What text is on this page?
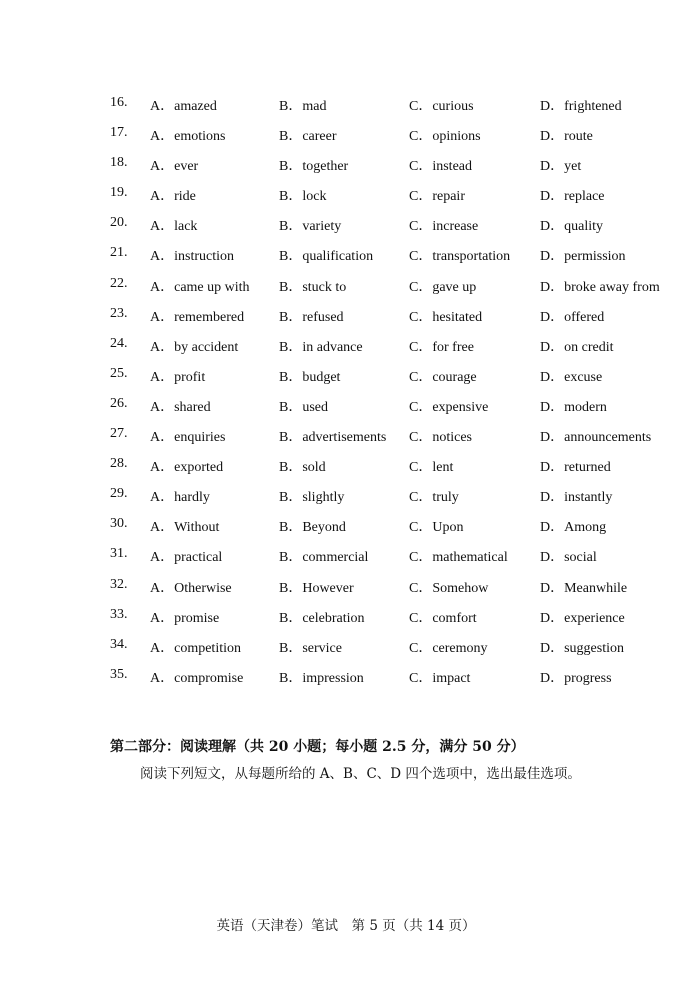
16. A．amazed	B．mad	C．curious	D．frightened
17. A．emotions	B．career	C．opinions	D．route
18. A．ever	B．together	C．instead	D．yet
19. A．ride	B．lock	C．repair	D．replace
20. A．lack	B．variety	C．increase	D．quality
21. A．instruction	B．qualification	C．transportation D．permission
22. A．came up with B．stuck to	C．gave up	D．broke away from
23. A．remembered B．refused	C．hesitated	D．offered
24. A．by accident	B．in advance	C．for free	D．on credit
25. A．profit	B．budget	C．courage	D．excuse
26. A．shared	B．used	C．expensive	D．modern
27. A．enquiries	B．advertisements C．notices	D．announcements
28. A．exported	B．sold	C．lent	D．returned
29. A．hardly	B．slightly	C．truly	D．instantly
30. A．Without	B．Beyond	C．Upon	D．Among
31. A．practical	B．commercial	C．mathematical D．social
32. A．Otherwise	B．However	C．Somehow	D．Meanwhile
33. A．promise	B．celebration	C．comfort	D．experience
34. A．competition	B．service	C．ceremony	D．suggestion
35. A．compromise	B．impression	C．impact	D．progress
第二部分：阅读理解（共 20 小题；每小题 2.5 分，满分 50 分）
阅读下列短文，从每题所给的 A、B、C、D 四个选项中，选出最佳选项。
英语（天津卷）笔试　第 5 页（共 14 页）
